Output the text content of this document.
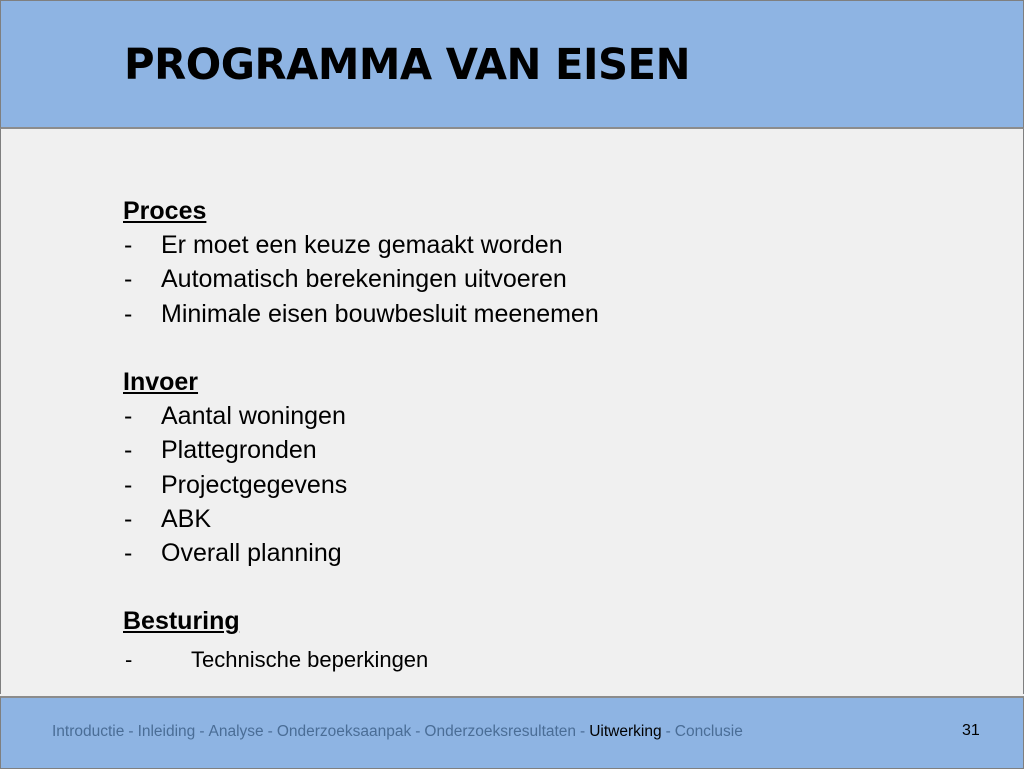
PROGRAMMA VAN EISEN
Proces
- Er moet een keuze gemaakt worden
- Automatisch berekeningen uitvoeren
- Minimale eisen bouwbesluit meenemen
Invoer
- Aantal woningen
- Plattegronden
- Projectgegevens
- ABK
- Overall planning
Besturing
-	Technische beperkingen
Introductie - Inleiding - Analyse - Onderzoeksaanpak - Onderzoeksresultaten - Uitwerking - Conclusie	31
